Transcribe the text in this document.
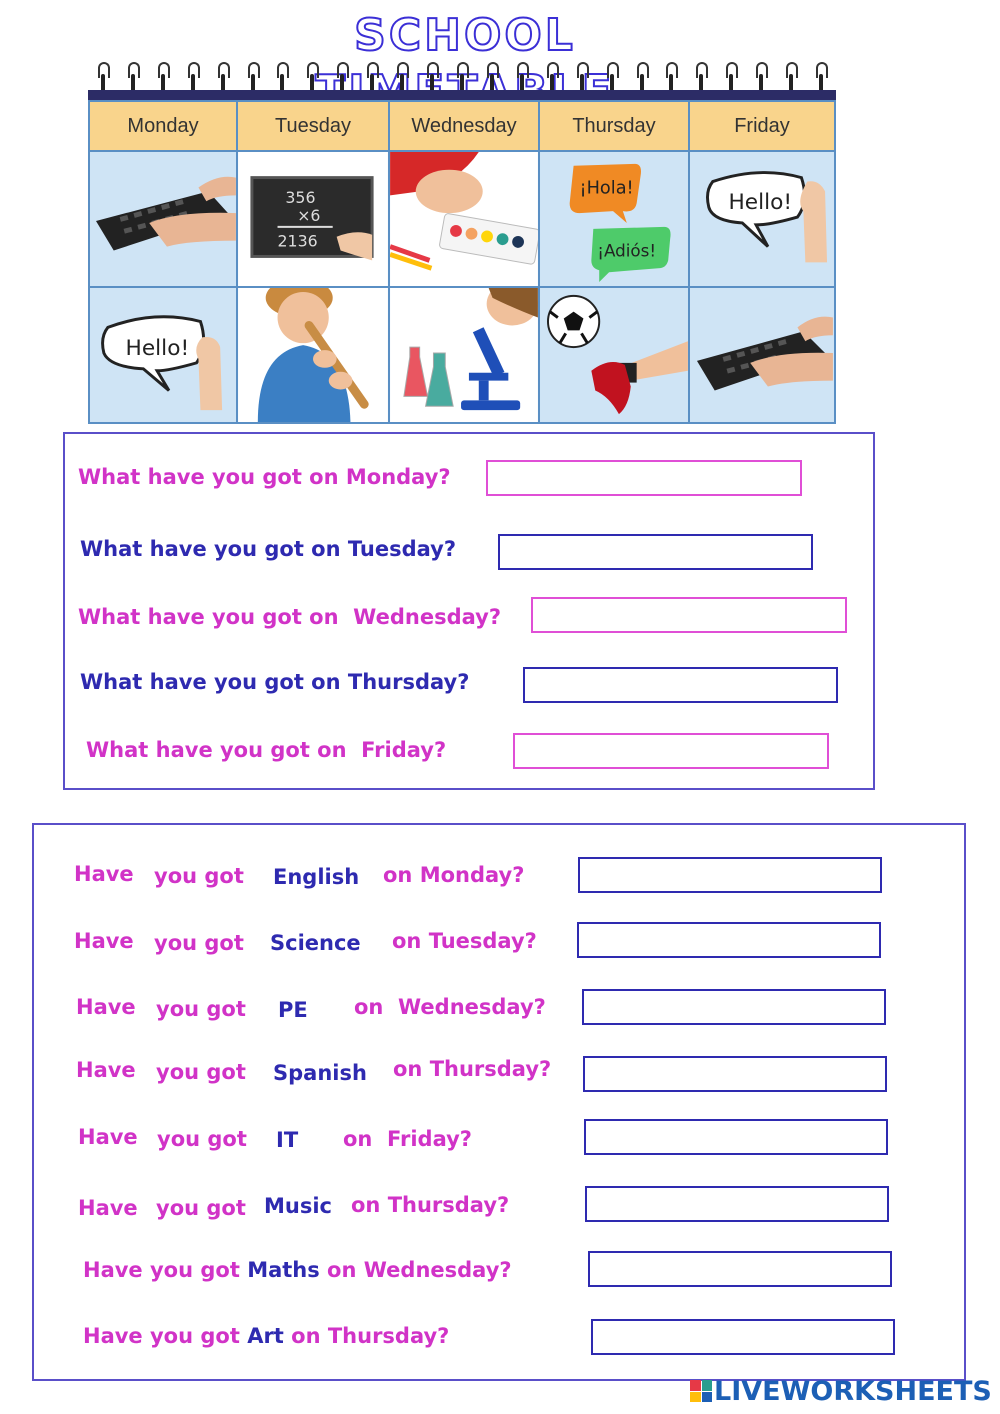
SCHOOL
Monday	Tuesday	Wednesday	Thursday	Friday
356
×6
2136
¡Hola!
¡Adiós!
Hello!
Hello!
What have you got on Monday?
What have you got on Tuesday?
What have you got on  Wednesday?
What have you got on Thursday?
What have you got on  Friday?
Have you got English on Monday?
Have you got Science on Tuesday?
Have you got PE on  Wednesday?
Have you got Spanish on Thursday?
Have you got IT on  Friday?
Have you got Music on Thursday?
Have you got Maths on Wednesday?
Have you got Art on Thursday?
LIVEWORKSHEETS
